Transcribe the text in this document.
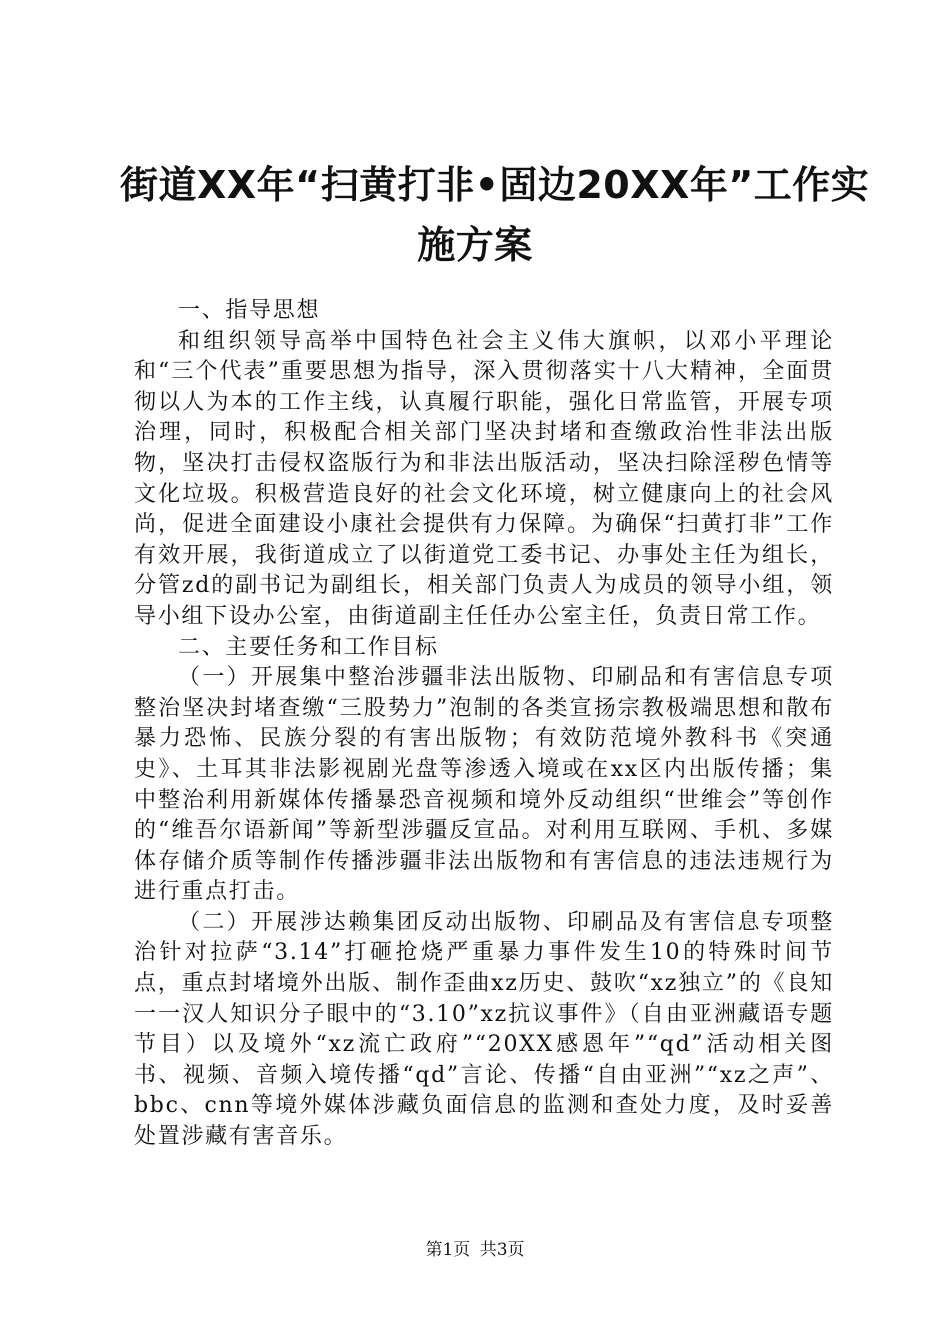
街道XX年“扫黄打非•固边20XX年”工作实
施方案

一、指导思想

和组织领导高举中国特色社会主义伟大旗帜，以邓小平理论和“三个代表”重要思想为指导，深入贯彻落实十八大精神，全面贯彻以人为本的工作主线，认真履行职能，强化日常监管，开展专项治理，同时，积极配合相关部门坚决封堵和查缴政治性非法出版物，坚决打击侵权盗版行为和非法出版活动，坚决扫除淫秽色情等文化垃圾。积极营造良好的社会文化环境，树立健康向上的社会风尚，促进全面建设小康社会提供有力保障。为确保“扫黄打非”工作有效开展，我街道成立了以街道党工委书记、办事处主任为组长，分管zd的副书记为副组长，相关部门负责人为成员的领导小组，领导小组下设办公室，由街道副主任任办公室主任，负责日常工作。

二、主要任务和工作目标

（一）开展集中整治涉疆非法出版物、印刷品和有害信息专项整治坚决封堵查缴“三股势力”泡制的各类宣扬宗教极端思想和散布暴力恐怖、民族分裂的有害出版物；有效防范境外教科书《突通史》、土耳其非法影视剧光盘等渗透入境或在xx区内出版传播；集中整治利用新媒体传播暴恐音视频和境外反动组织“世维会”等创作的“维吾尔语新闻”等新型涉疆反宣品。对利用互联网、手机、多媒体存储介质等制作传播涉疆非法出版物和有害信息的违法违规行为进行重点打击。

（二）开展涉达赖集团反动出版物、印刷品及有害信息专项整治针对拉萨“3.14”打砸抢烧严重暴力事件发生10的特殊时间节点，重点封堵境外出版、制作歪曲xz历史、鼓吹“xz独立”的《良知一一汉人知识分子眼中的“3.10”xz抗议事件》（自由亚洲藏语专题节目）以及境外“xz流亡政府”“20XX感恩年”“qd”活动相关图书、视频、音频入境传播“qd”言论、传播“自由亚洲”“xz之声”、bbc、cnn等境外媒体涉藏负面信息的监测和查处力度，及时妥善处置涉藏有害音乐。

第1页 共3页
